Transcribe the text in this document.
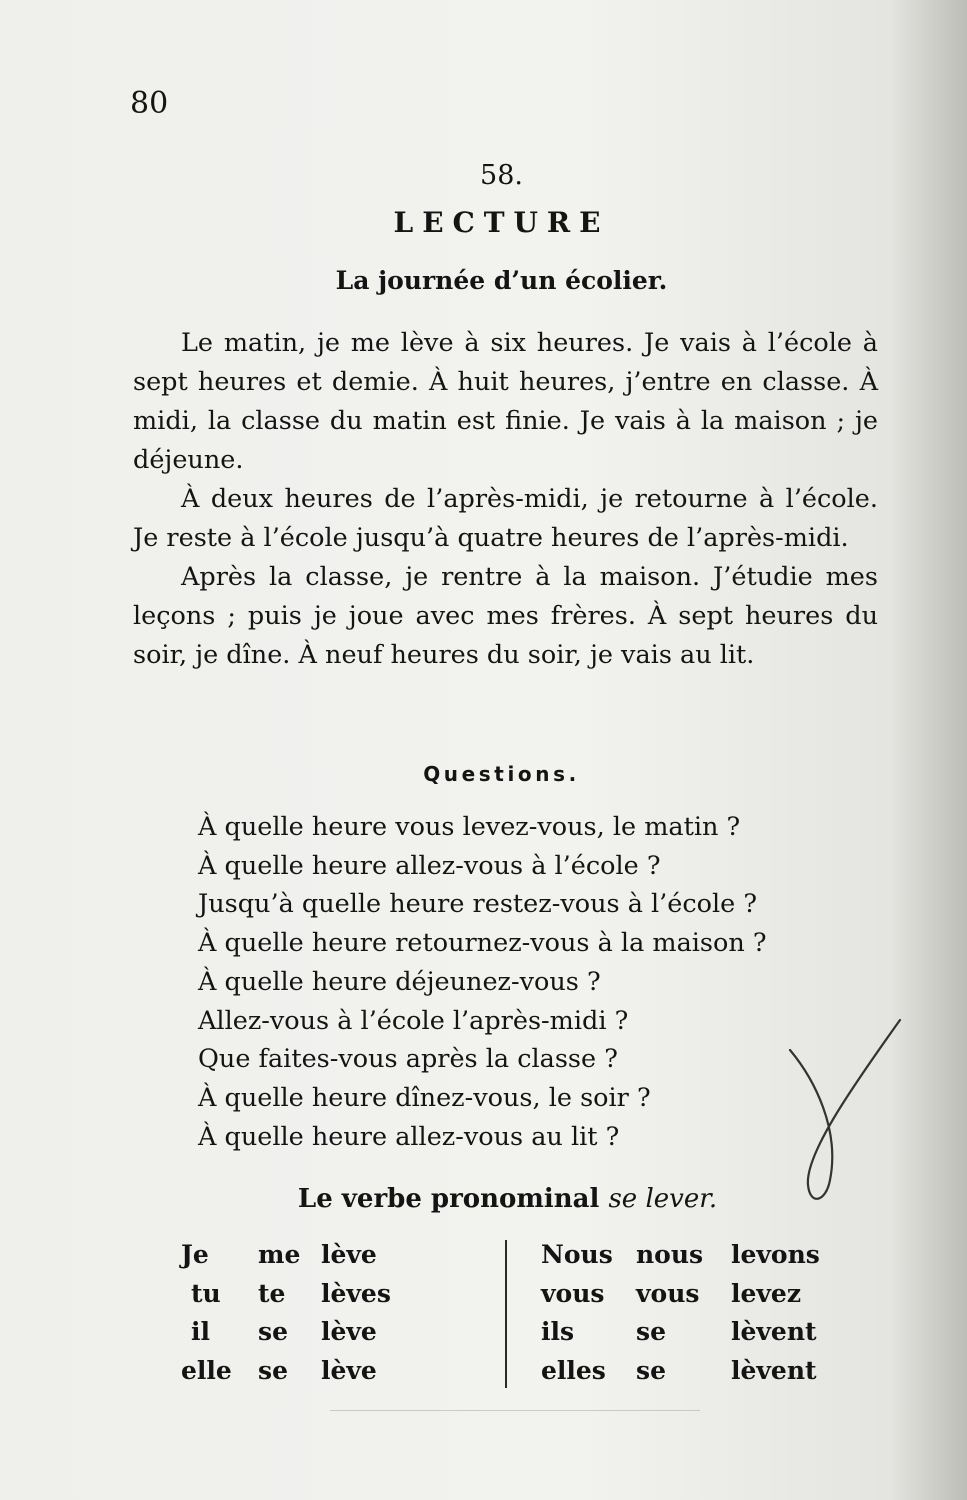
80
58.
LECTURE
La journée d’un écolier.

Le matin, je me lève à six heures. Je vais à l’école à sept heures et demie. À huit heures, j’entre en classe. À midi, la classe du matin est finie. Je vais à la maison ; je déjeune.

À deux heures de l’après-midi, je retourne à l’école. Je reste à l’école jusqu’à quatre heures de l’après-midi.

Après la classe, je rentre à la maison. J’étudie mes leçons ; puis je joue avec mes frères. À sept heures du soir, je dîne. À neuf heures du soir, je vais au lit.

Questions.
À quelle heure vous levez-vous, le matin ?
À quelle heure allez-vous à l’école ?
Jusqu’à quelle heure restez-vous à l’école ?
À quelle heure retournez-vous à la maison ?
À quelle heure déjeunez-vous ?
Allez-vous à l’école l’après-midi ?
Que faites-vous après la classe ?
À quelle heure dînez-vous, le soir ?
À quelle heure allez-vous au lit ?
Le verbe pronominal se lever.
Je me lève
tu te lèves
il se lève
elle se lève
Nous nous levons
vous vous levez
ils se	lèvent
elles se	lèvent
